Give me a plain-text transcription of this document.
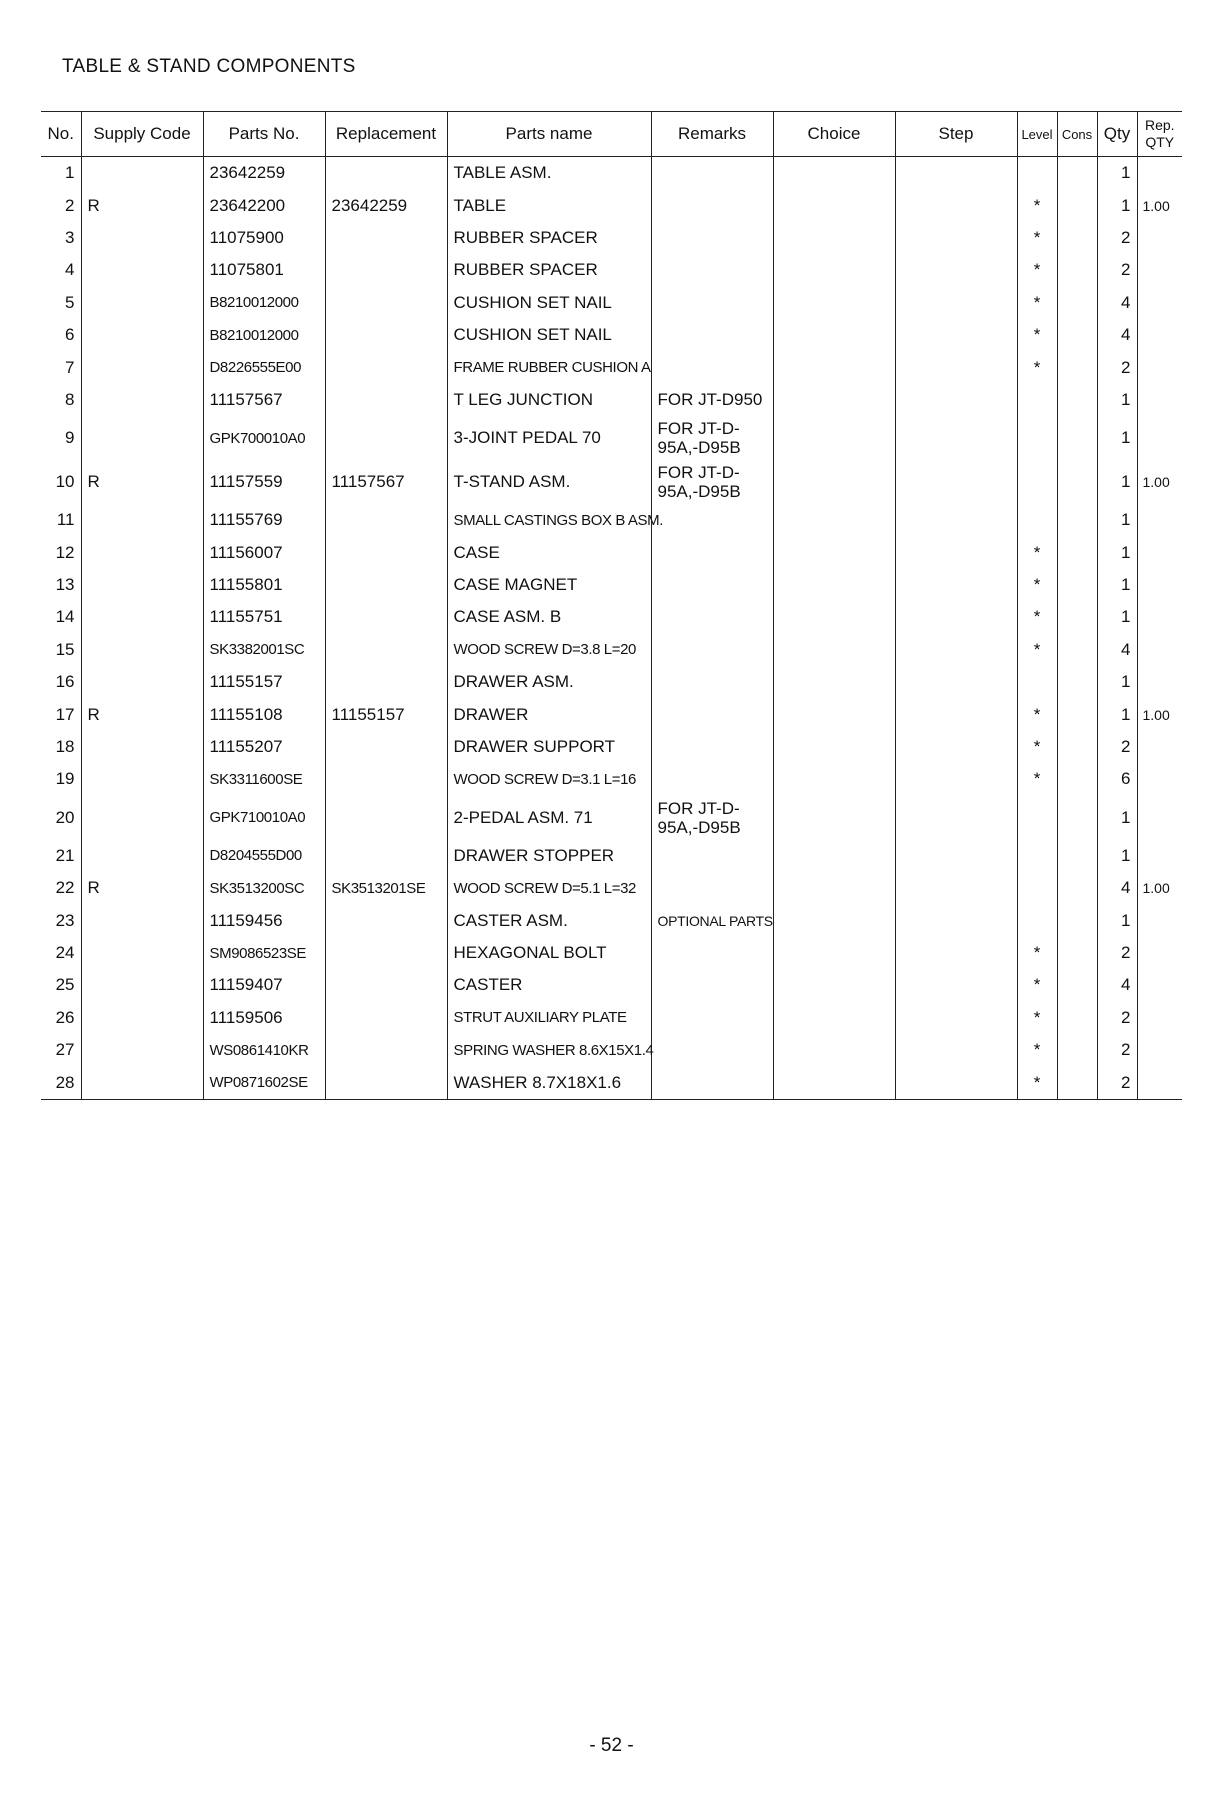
TABLE & STAND COMPONENTS
No.	Supply Code	Parts No.	Replacement	Parts name	Remarks	Choice	Step	Level	Cons	Qty	Rep.
QTY

1		23642259		TABLE ASM.						1	
2	R	23642200	23642259	TABLE				*		1	1.00
3		11075900		RUBBER SPACER				*		2	
4		11075801		RUBBER SPACER				*		2	
5		B8210012000		CUSHION SET NAIL				*		4	
6		B8210012000		CUSHION SET NAIL				*		4	
7		D8226555E00		FRAME RUBBER CUSHION A				*		2	
8		11157567		T LEG JUNCTION	FOR JT-D950					1	
9		GPK700010A0		3-JOINT PEDAL 70	FOR JT-D-
95A,-D95B					1	
10	R	11157559	11157567	T-STAND ASM.	FOR JT-D-
95A,-D95B					1	1.00
11		11155769		SMALL CASTINGS BOX B ASM.						1	
12		11156007		CASE				*		1	
13		11155801		CASE MAGNET				*		1	
14		11155751		CASE ASM. B				*		1	
15		SK3382001SC		WOOD SCREW D=3.8 L=20				*		4	
16		11155157		DRAWER ASM.						1	
17	R	11155108	11155157	DRAWER				*		1	1.00
18		11155207		DRAWER SUPPORT				*		2	
19		SK3311600SE		WOOD SCREW D=3.1 L=16				*		6	
20		GPK710010A0		2-PEDAL ASM. 71	FOR JT-D-
95A,-D95B					1	
21		D8204555D00		DRAWER STOPPER						1	
22	R	SK3513200SC	SK3513201SE	WOOD SCREW D=5.1 L=32						4	1.00
23		11159456		CASTER ASM.	OPTIONAL PARTS					1	
24		SM9086523SE		HEXAGONAL BOLT				*		2	
25		11159407		CASTER				*		4	
26		11159506		STRUT AUXILIARY PLATE				*		2	
27		WS0861410KR		SPRING WASHER 8.6X15X1.4				*		2	
28		WP0871602SE		WASHER 8.7X18X1.6				*		2	
- 52 -
